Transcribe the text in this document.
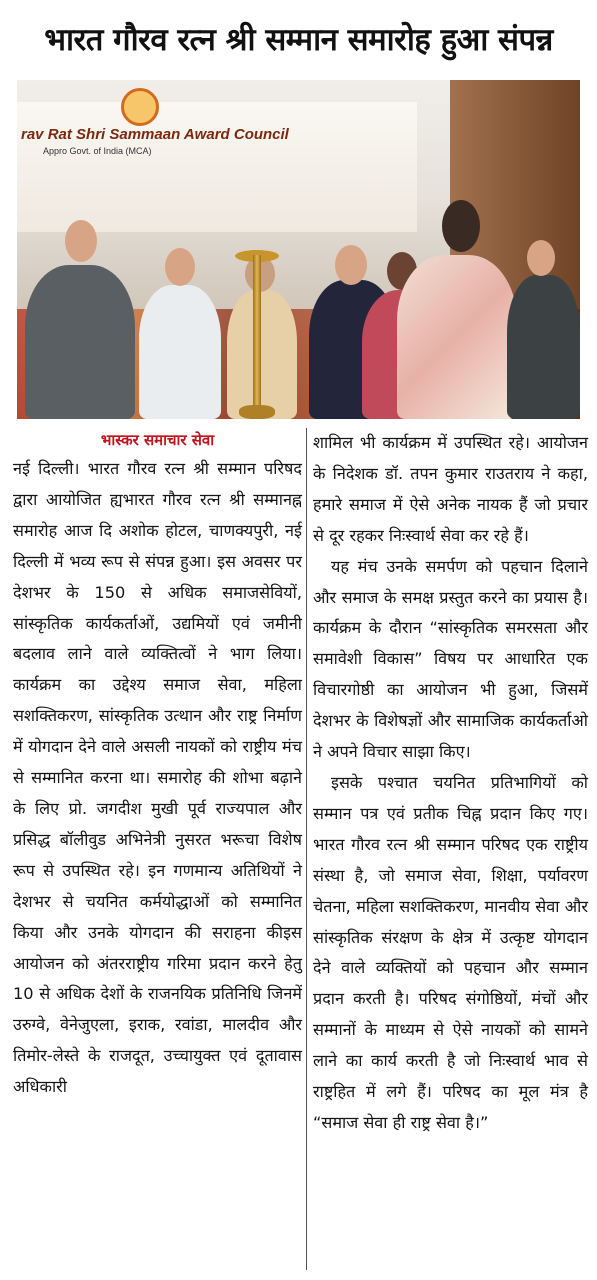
भारत गौरव रत्न श्री सम्मान समारोह हुआ संपन्न
rav Rat Shri Sammaan Award Council
Appro Govt. of India (MCA)
भास्कर समाचार सेवा

नई दिल्ली। भारत गौरव रत्न श्री सम्मान परिषद द्वारा आयोजित ह्यभारत गौरव रत्न श्री सम्मानह्न समारोह आज दि अशोक होटल, चाणक्यपुरी, नई दिल्ली में भव्य रूप से संपन्न हुआ। इस अवसर पर देशभर के 150 से अधिक समाजसेवियों, सांस्कृतिक कार्यकर्ताओं, उद्यमियों एवं जमीनी बदलाव लाने वाले व्यक्तित्वों ने भाग लिया। कार्यक्रम का उद्देश्य समाज सेवा, महिला सशक्तिकरण, सांस्कृतिक उत्थान और राष्ट्र निर्माण में योगदान देने वाले असली नायकों को राष्ट्रीय मंच से सम्मानित करना था। समारोह की शोभा बढ़ाने के लिए प्रो. जगदीश मुखी पूर्व राज्यपाल और प्रसिद्ध बॉलीवुड अभिनेत्री नुसरत भरूचा विशेष रूप से उपस्थित रहे। इन गणमान्य अतिथियों ने देशभर से चयनित कर्मयोद्धाओं को सम्मानित किया और उनके योगदान की सराहना कीइस आयोजन को अंतरराष्ट्रीय गरिमा प्रदान करने हेतु 10 से अधिक देशों के राजनयिक प्रतिनिधि जिनमें उरुग्वे, वेनेजुएला, इराक, रवांडा, मालदीव और तिमोर-लेस्ते के राजदूत, उच्चायुक्त एवं दूतावास अधिकारी

शामिल भी कार्यक्रम में उपस्थित रहे। आयोजन के निदेशक डॉ. तपन कुमार राउतराय ने कहा, हमारे समाज में ऐसे अनेक नायक हैं जो प्रचार से दूर रहकर निःस्वार्थ सेवा कर रहे हैं।

यह मंच उनके समर्पण को पहचान दिलाने और समाज के समक्ष प्रस्तुत करने का प्रयास है। कार्यक्रम के दौरान “सांस्कृतिक समरसता और समावेशी विकास” विषय पर आधारित एक विचारगोष्ठी का आयोजन भी हुआ, जिसमें देशभर के विशेषज्ञों और सामाजिक कार्यकर्ताओ ने अपने विचार साझा किए।

इसके पश्चात चयनित प्रतिभागियों को सम्मान पत्र एवं प्रतीक चिह्न प्रदान किए गए। भारत गौरव रत्न श्री सम्मान परिषद एक राष्ट्रीय संस्था है, जो समाज सेवा, शिक्षा, पर्यावरण चेतना, महिला सशक्तिकरण, मानवीय सेवा और सांस्कृतिक संरक्षण के क्षेत्र में उत्कृष्ट योगदान देने वाले व्यक्तियों को पहचान और सम्मान प्रदान करती है। परिषद संगोष्ठियों, मंचों और सम्मानों के माध्यम से ऐसे नायकों को सामने लाने का कार्य करती है जो निःस्वार्थ भाव से राष्ट्रहित में लगे हैं। परिषद का मूल मंत्र है “समाज सेवा ही राष्ट्र सेवा है।”
